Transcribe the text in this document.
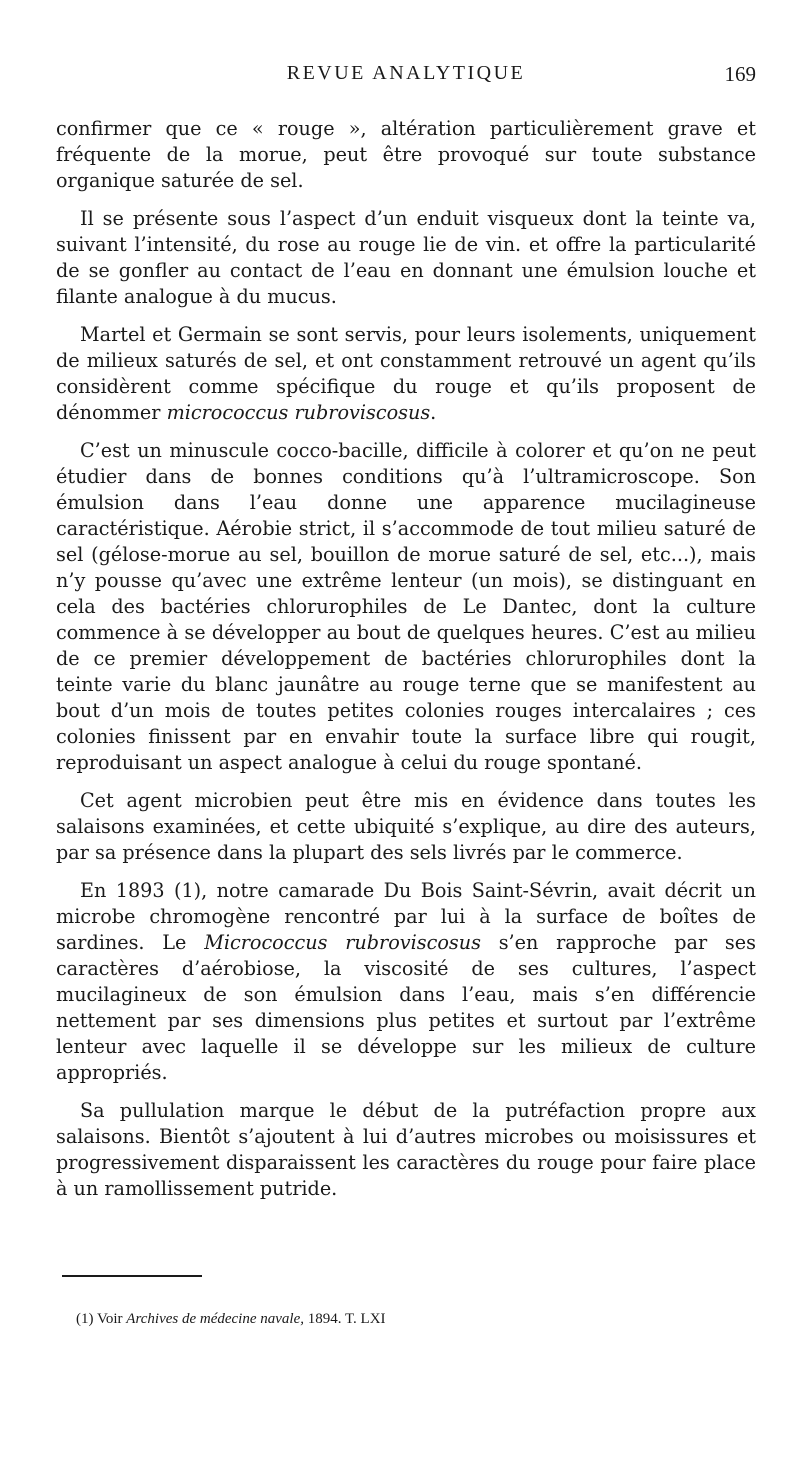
REVUE ANALYTIQUE	169

confirmer que ce « rouge », altération particulièrement grave et fréquente de la morue, peut être provoqué sur toute substance organique saturée de sel.

Il se présente sous l’aspect d’un enduit visqueux dont la teinte va, suivant l’intensité, du rose au rouge lie de vin. et offre la particularité de se gonfler au contact de l’eau en donnant une émulsion louche et filante analogue à du mucus.

Martel et Germain se sont servis, pour leurs isolements, uniquement de milieux saturés de sel, et ont constamment retrouvé un agent qu’ils considèrent comme spécifique du rouge et qu’ils proposent de dénommer micrococcus rubroviscosus.

C’est un minuscule cocco-bacille, difficile à colorer et qu’on ne peut étudier dans de bonnes conditions qu’à l’ultramicroscope. Son émulsion dans l’eau donne une apparence mucilagineuse caractéristique. Aérobie strict, il s’accommode de tout milieu saturé de sel (gélose-morue au sel, bouillon de morue saturé de sel, etc...), mais n’y pousse qu’avec une extrême lenteur (un mois), se distinguant en cela des bactéries chlorurophiles de Le Dantec, dont la culture commence à se développer au bout de quelques heures. C’est au milieu de ce premier développement de bactéries chlorurophiles dont la teinte varie du blanc jaunâtre au rouge terne que se manifestent au bout d’un mois de toutes petites colonies rouges intercalaires ; ces colonies finissent par en envahir toute la surface libre qui rougit, reproduisant un aspect analogue à celui du rouge spontané.

Cet agent microbien peut être mis en évidence dans toutes les salaisons examinées, et cette ubiquité s’explique, au dire des auteurs, par sa présence dans la plupart des sels livrés par le commerce.

En 1893 (1), notre camarade Du Bois Saint-Sévrin, avait décrit un microbe chromogène rencontré par lui à la surface de boîtes de sardines. Le Micrococcus rubroviscosus s’en rapproche par ses caractères d’aérobiose, la viscosité de ses cultures, l’aspect mucilagineux de son émulsion dans l’eau, mais s’en différencie nettement par ses dimensions plus petites et surtout par l’extrême lenteur avec laquelle il se développe sur les milieux de culture appropriés.

Sa pullulation marque le début de la putréfaction propre aux salaisons. Bientôt s’ajoutent à lui d’autres microbes ou moisissures et progressivement disparaissent les caractères du rouge pour faire place à un ramollissement putride.

(1) Voir Archives de médecine navale, 1894. T. LXI
